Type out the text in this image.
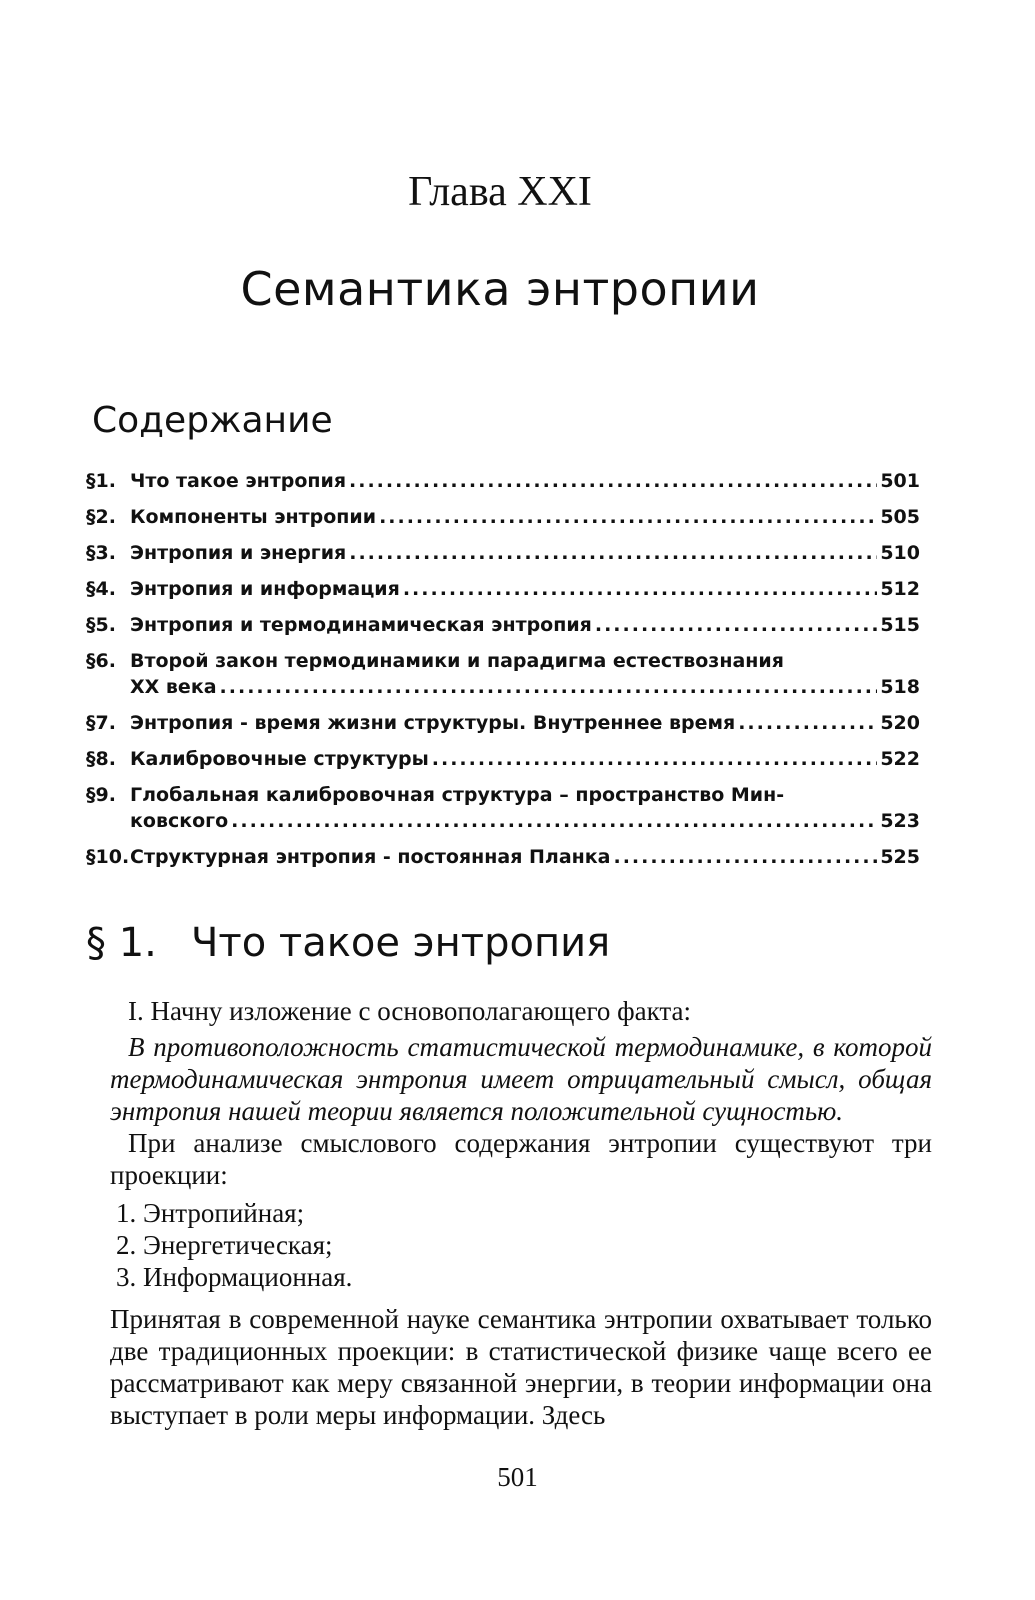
Глава XXI
Семантика энтропии
Содержание
§1. Что такое энтропия .....	501
§2. Компоненты энтропии .....	505
§3. Энтропия и энергия .....	510
§4. Энтропия и информация .....	512
§5. Энтропия и термодинамическая энтропия .....	515
§6. Второй закон термодинамики и парадигма естествознания
XX века .....	518
§7. Энтропия - время жизни структуры. Внутреннее время .....	520
§8. Калибровочные структуры .....	522
§9. Глобальная калибровочная структура – пространство Мин-
ковского .....	523
§10. Структурная энтропия - постоянная Планка .....	525
§ 1. Что такое энтропия

I. Начну изложение с основополагающего факта:

В противоположность статистической термодинамике, в которой термодинамическая энтропия имеет отрицательный смысл, общая энтропия нашей теории является положительной сущностью.

При анализе смыслового содержания энтропии существуют три проекции:

1. Энтропийная;
2. Энергетическая;
3. Информационная.

Принятая в современной науке семантика энтропии охватывает только две традиционных проекции: в статистической физике чаще всего ее рассматривают как меру связанной энергии, в теории информации она выступает в роли меры информации. Здесь

501
